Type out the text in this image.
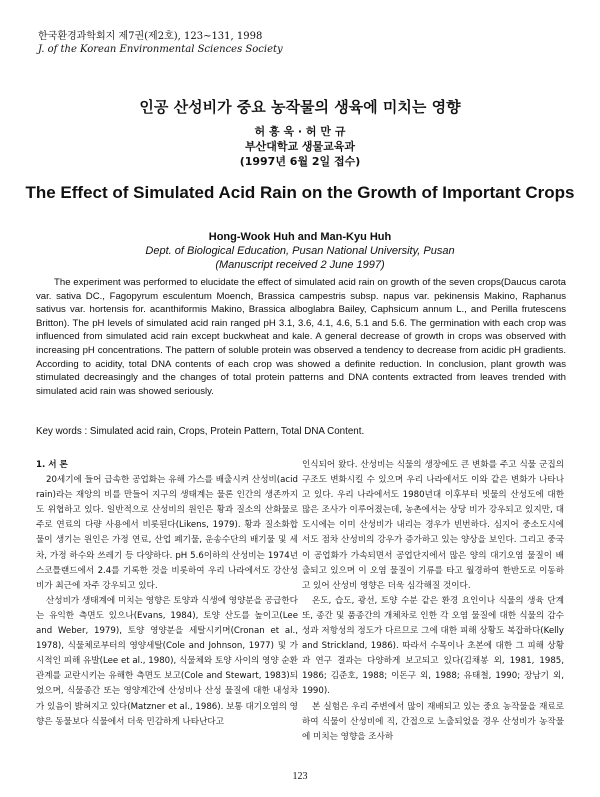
한국환경과학회지 제7권(제2호), 123∼131, 1998
J. of the Korean Environmental Sciences Society
인공 산성비가 중요 농작물의 생육에 미치는 영향
허 흥 욱 · 허 만 규
부산대학교 생물교육과
(1997년 6월 2일 접수)
The Effect of Simulated Acid Rain on the Growth of Important Crops
Hong-Wook Huh and Man-Kyu Huh
Dept. of Biological Education, Pusan National University, Pusan
(Manuscript received 2 June 1997)

The experiment was performed to elucidate the effect of simulated acid rain on growth of the seven crops(Daucus carota var. sativa DC., Fagopyrum esculentum Moench, Brassica campestris subsp. napus var. pekinensis Makino, Raphanus sativus var. hortensis for. acanthiformis Makino, Brassica alboglabra Bailey, Caphsicum annum L., and Perilla frutescens Britton). The pH levels of simulated acid rain ranged pH 3.1, 3.6, 4.1, 4.6, 5.1 and 5.6. The germination with each crop was influenced from simulated acid rain except buckwheat and kale. A general decrease of growth in crops was observed with increasing pH concentrations. The pattern of soluble protein was observed a tendency to decrease from acidic pH gradients. According to acidity, total DNA contents of each crop was showed a definite reduction. In conclusion, plant growth was stimulated decreasingly and the changes of total protein patterns and DNA contents extracted from leaves trended with simulated acid rain was showed seriously.

Key words : Simulated acid rain, Crops, Protein Pattern, Total DNA Content.

1. 서 론

20세기에 들어 급속한 공업화는 유해 가스를 배출시켜 산성비(acid rain)라는 재앙의 비를 만들어 지구의 생태계는 물론 인간의 생존까지도 위협하고 있다. 일반적으로 산성비의 원인은 황과 질소의 산화물로 주로 연료의 다량 사용에서 비롯된다(Likens, 1979). 황과 질소화합물이 생기는 원인은 가정 연료, 산업 폐기물, 운송수단의 배기물 및 세차, 가정 하수와 쓰레기 등 다양하다. pH 5.6이하의 산성비는 1974년 스코틀랜드에서 2.4를 기록한 것을 비롯하여 우리 나라에서도 강산성비가 최근에 자주 강우되고 있다.

산성비가 생태계에 미치는 영향은 토양과 식생에 영양분을 공급한다는 유익한 측면도 있으나(Evans, 1984), 토양 산도를 높이고(Lee and Weber, 1979), 토양 영양분을 세탈시키며(Cronan et al., 1978), 식물체로부터의 영양세탈(Cole and Johnson, 1977) 및 가시적인 피해 유발(Lee et al., 1980), 식물체와 토양 사이의 영양 순환 관계를 교란시키는 유해한 측면도 보고(Cole and Stewart, 1983)되었으며, 식물종간 또는 영양계간에 산성비나 산성 물질에 대한 내성차가 있음이 밝혀지고 있다(Matzner et al., 1986). 보통 대기오염의 영향은 동물보다 식물에서 더욱 민감하게 나타난다고

인식되어 왔다. 산성비는 식물의 생장에도 큰 변화를 주고 식물 군집의 구조도 변화시킬 수 있으며 우리 나라에서도 이와 같은 변화가 나타나고 있다. 우리 나라에서도 1980년대 이후부터 빗물의 산성도에 대한 많은 조사가 이루어졌는데, 농촌에서는 상당 비가 강우되고 있지만, 대도시에는 이미 산성비가 내리는 경우가 빈번하다. 심지어 중소도시에서도 점차 산성비의 강우가 증가하고 있는 양상을 보인다. 그리고 중국이 공업화가 가속되면서 공업단지에서 많은 양의 대기오염 물질이 배출되고 있으며 이 오염 물질이 기류를 타고 월경하여 한반도로 이동하고 있어 산성비 영향은 더욱 심각해질 것이다.

온도, 습도, 광선, 토양 수분 같은 환경 요인이나 식물의 생육 단계 또, 종간 및 품종간의 개체차로 인한 각 오염 물질에 대한 식물의 감수성과 저항성의 정도가 다르므로 그에 대한 피해 상황도 복잡하다(Kelly and Strickland, 1986). 따라서 수목이나 초본에 대한 그 피해 상황과 연구 결과는 다양하게 보고되고 있다(김채봉 외, 1981, 1985, 1986; 김준호, 1988; 이돈구 외, 1988; 유태철, 1990; 장남기 외, 1990).

본 실험은 우리 주변에서 많이 재배되고 있는 중요 농작물을 재료로 하여 식물이 산성비에 직, 간접으로 노출되었을 경우 산성비가 농작물에 미치는 영향을 조사하

123
